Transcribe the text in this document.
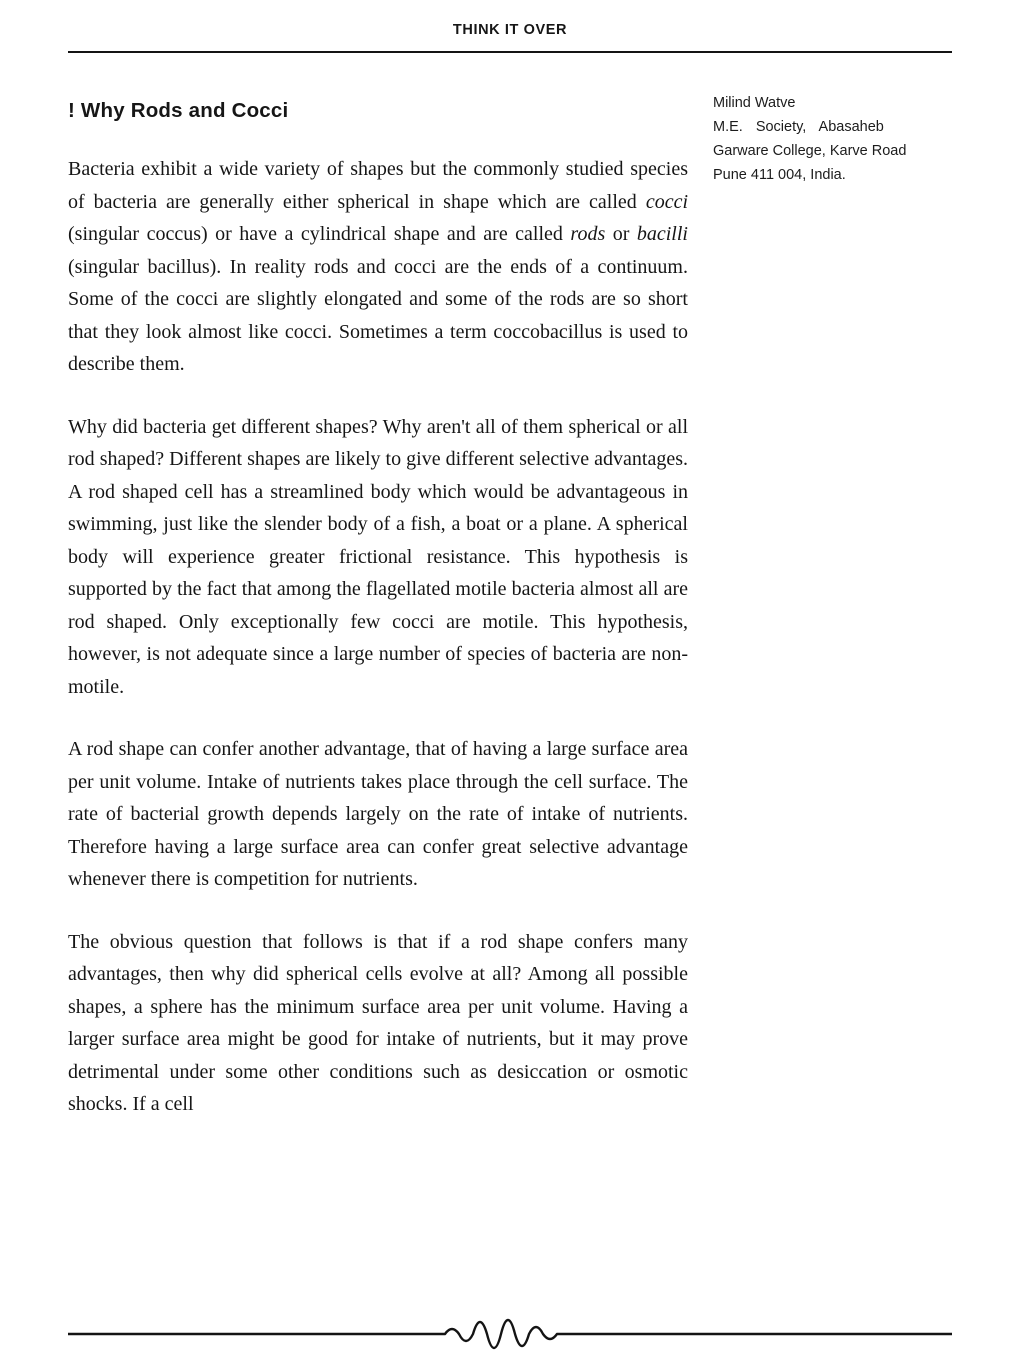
THINK IT OVER
! Why Rods and Cocci

Bacteria exhibit a wide variety of shapes but the commonly studied species of bacteria are generally either spherical in shape which are called cocci (singular coccus) or have a cylindrical shape and are called rods or bacilli (singular bacillus). In reality rods and cocci are the ends of a continuum. Some of the cocci are slightly elongated and some of the rods are so short that they look almost like cocci. Sometimes a term coccobacillus is used to describe them.

Why did bacteria get different shapes? Why aren't all of them spherical or all rod shaped? Different shapes are likely to give different selective advantages. A rod shaped cell has a streamlined body which would be advantageous in swimming, just like the slender body of a fish, a boat or a plane. A spherical body will experience greater frictional resistance. This hypothesis is supported by the fact that among the flagellated motile bacteria almost all are rod shaped. Only exceptionally few cocci are motile. This hypothesis, however, is not adequate since a large number of species of bacteria are non-motile.

A rod shape can confer another advantage, that of having a large surface area per unit volume. Intake of nutrients takes place through the cell surface. The rate of bacterial growth depends largely on the rate of intake of nutrients. Therefore having a large surface area can confer great selective advantage whenever there is competition for nutrients.

The obvious question that follows is that if a rod shape confers many advantages, then why did spherical cells evolve at all? Among all possible shapes, a sphere has the minimum surface area per unit volume. Having a larger surface area might be good for intake of nutrients, but it may prove detrimental under some other conditions such as desiccation or osmotic shocks. If a cell

Milind Watve
M.E. Society, Abasaheb
Garware College, Karve Road
Pune 411 004, India.
